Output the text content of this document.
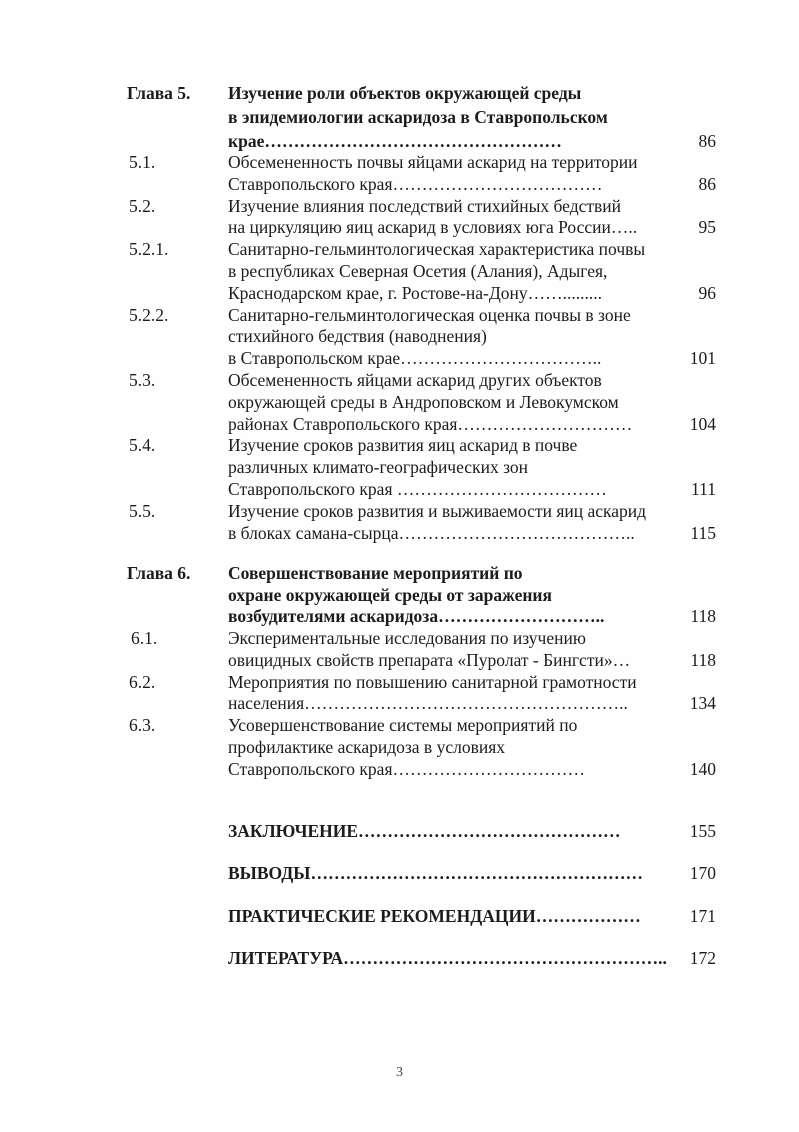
Глава 5. Изучение роли объектов окружающей среды
в эпидемиологии аскаридоза в Ставропольском
крае……………………………………………	86
5.1.	Обсемененность почвы яйцами аскарид на территории
Ставропольского края………………………………	86
5.2.	Изучение влияния последствий стихийных бедствий
на циркуляцию яиц аскарид в условиях юга России…..	95
5.2.1.	Санитарно-гельминтологическая характеристика почвы
в республиках Северная Осетия (Алания), Адыгея,
Краснодарском крае, г. Ростове-на-Дону…….........	96
5.2.2.	Санитарно-гельминтологическая оценка почвы в зоне
стихийного бедствия (наводнения)
в Ставропольском крае……………………………..	101
5.3.	Обсемененность яйцами аскарид других объектов
окружающей среды в Андроповском и Левокумском
районах Ставропольского края…………………………	104
5.4.	Изучение сроков развития яиц аскарид в почве
различных климато-географических зон
Ставропольского края ………………………………	111
5.5.	Изучение сроков развития и выживаемости яиц аскарид
в блоках самана-сырца…………………………………..	115
Глава 6. Совершенствование мероприятий по
охране окружающей среды от заражения
возбудителями аскаридоза………………………..	118
6.1.	Экспериментальные исследования по изучению
овицидных свойств препарата «Пуролат - Бингсти»…	118
6.2.	Мероприятия по повышению санитарной грамотности
населения………………………………………………..	134
6.3.	Усовершенствование системы мероприятий по
профилактике аскаридоза в условиях
Ставропольского края……………………………	140
ЗАКЛЮЧЕНИЕ………………………………………	155
ВЫВОДЫ…………………………………………………	170
ПРАКТИЧЕСКИЕ РЕКОМЕНДАЦИИ………………	171
ЛИТЕРАТУРА……………………………………………….. 172
3
